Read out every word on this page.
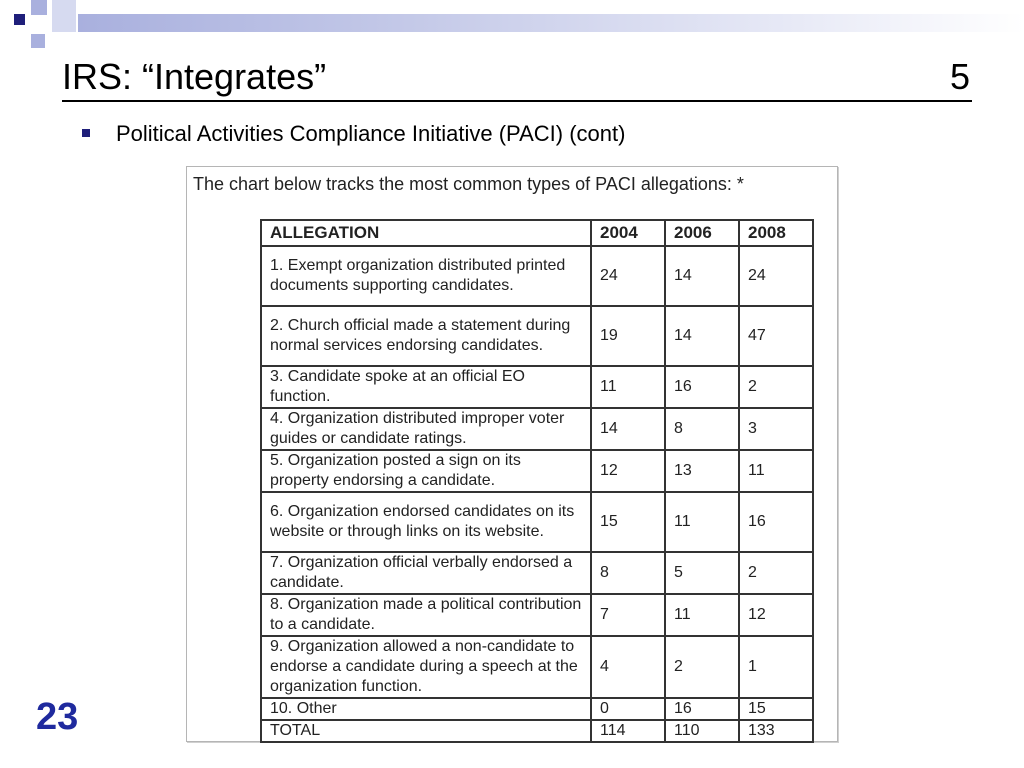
IRS: “Integrates”	5
Political Activities Compliance Initiative (PACI) (cont)
The chart below tracks the most common types of PACI allegations: *
ALLEGATION	2004	2006	2008
1. Exempt organization distributed printed documents supporting candidates.	24	14	24
2. Church official made a statement during normal services endorsing candidates.	19	14	47
3. Candidate spoke at an official EO function.	11	16	2
4. Organization distributed improper voter guides or candidate ratings.	14	8	3
5. Organization posted a sign on its property endorsing a candidate.	12	13	11
6. Organization endorsed candidates on its website or through links on its website.	15	11	16
7. Organization official verbally endorsed a candidate.	8	5	2
8. Organization made a political contribution to a candidate.	7	11	12
9. Organization allowed a non-candidate to endorse a candidate during a speech at the organization function.	4	2	1
10. Other	0	16	15
TOTAL	114	110	133
23
